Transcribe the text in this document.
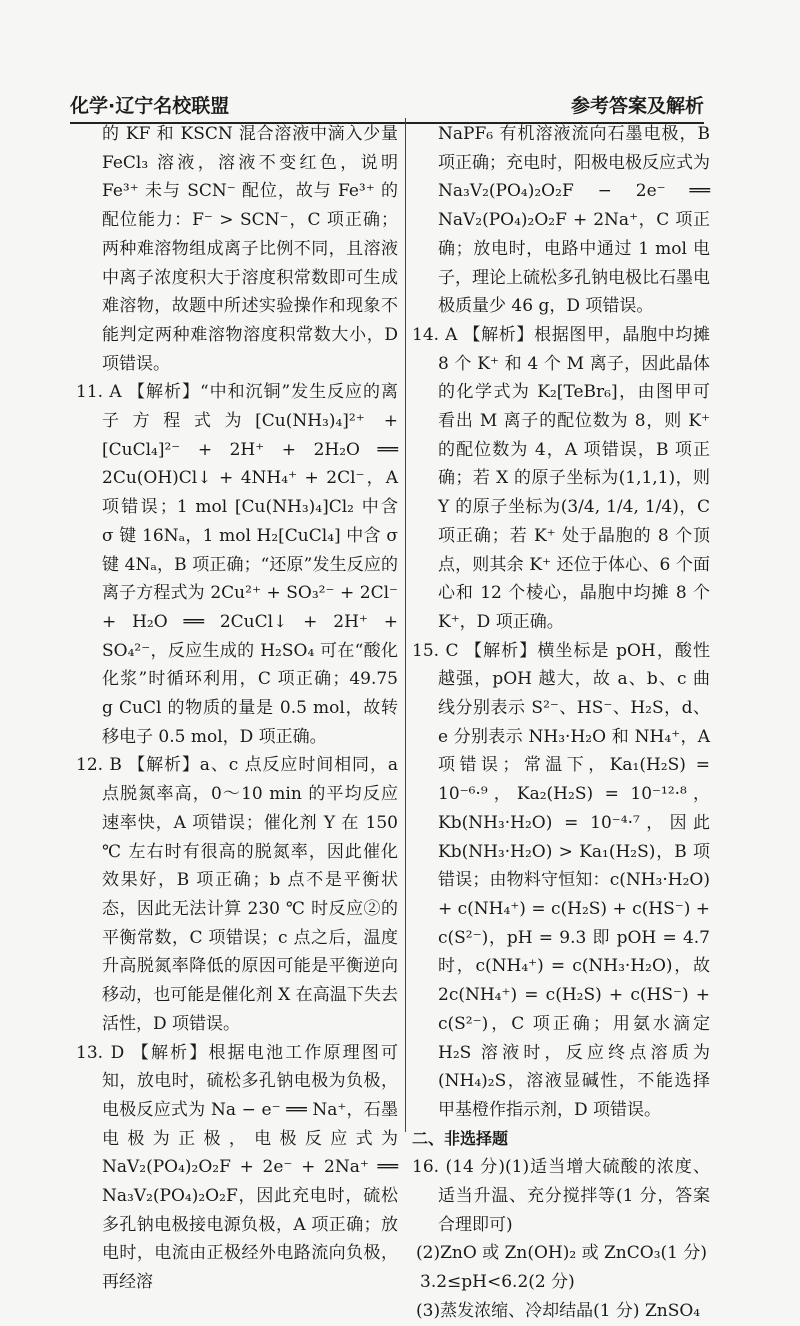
化学·辽宁名校联盟	参考答案及解析

的 KF 和 KSCN 混合溶液中滴入少量 FeCl₃ 溶液，溶液不变红色，说明 Fe³⁺ 未与 SCN⁻ 配位，故与 Fe³⁺ 的配位能力：F⁻ > SCN⁻，C 项正确；两种难溶物组成离子比例不同，且溶液中离子浓度积大于溶度积常数即可生成难溶物，故题中所述实验操作和现象不能判定两种难溶物溶度积常数大小，D 项错误。

11. A 【解析】“中和沉铜”发生反应的离子方程式为[Cu(NH₃)₄]²⁺ + [CuCl₄]²⁻ + 2H⁺ + 2H₂O ══ 2Cu(OH)Cl↓ + 4NH₄⁺ + 2Cl⁻，A 项错误；1 mol [Cu(NH₃)₄]Cl₂ 中含 σ 键 16Nₐ，1 mol H₂[CuCl₄] 中含 σ 键 4Nₐ，B 项正确；“还原”发生反应的离子方程式为 2Cu²⁺ + SO₃²⁻ + 2Cl⁻ + H₂O ══ 2CuCl↓ + 2H⁺ + SO₄²⁻，反应生成的 H₂SO₄ 可在“酸化化浆”时循环利用，C 项正确；49.75 g CuCl 的物质的量是 0.5 mol，故转移电子 0.5 mol，D 项正确。

12. B 【解析】a、c 点反应时间相同，a 点脱氮率高，0～10 min 的平均反应速率快，A 项错误；催化剂 Y 在 150 ℃ 左右时有很高的脱氮率，因此催化效果好，B 项正确；b 点不是平衡状态，因此无法计算 230 ℃ 时反应②的平衡常数，C 项错误；c 点之后，温度升高脱氮率降低的原因可能是平衡逆向移动，也可能是催化剂 X 在高温下失去活性，D 项错误。

13. D 【解析】根据电池工作原理图可知，放电时，硫松多孔钠电极为负极，电极反应式为 Na − e⁻ ══ Na⁺，石墨电极为正极，电极反应式为 NaV₂(PO₄)₂O₂F + 2e⁻ + 2Na⁺ ══ Na₃V₂(PO₄)₂O₂F，因此充电时，硫松多孔钠电极接电源负极，A 项正确；放电时，电流由正极经外电路流向负极，再经溶

NaPF₆ 有机溶液流向石墨电极，B 项正确；充电时，阳极电极反应式为 Na₃V₂(PO₄)₂O₂F − 2e⁻ ══ NaV₂(PO₄)₂O₂F + 2Na⁺，C 项正确；放电时，电路中通过 1 mol 电子，理论上硫松多孔钠电极比石墨电极质量少 46 g，D 项错误。

14. A 【解析】根据图甲，晶胞中均摊 8 个 K⁺ 和 4 个 M 离子，因此晶体的化学式为 K₂[TeBr₆]，由图甲可看出 M 离子的配位数为 8，则 K⁺ 的配位数为 4，A 项错误，B 项正确；若 X 的原子坐标为(1,1,1)，则 Y 的原子坐标为(3/4, 1/4, 1/4)，C 项正确；若 K⁺ 处于晶胞的 8 个顶点，则其余 K⁺ 还位于体心、6 个面心和 12 个棱心，晶胞中均摊 8 个 K⁺，D 项正确。

15. C 【解析】横坐标是 pOH，酸性越强，pOH 越大，故 a、b、c 曲线分别表示 S²⁻、HS⁻、H₂S，d、e 分别表示 NH₃·H₂O 和 NH₄⁺，A 项错误；常温下，Ka₁(H₂S) = 10⁻⁶·⁹，Ka₂(H₂S) = 10⁻¹²·⁸，Kb(NH₃·H₂O) = 10⁻⁴·⁷，因此 Kb(NH₃·H₂O) > Ka₁(H₂S)，B 项错误；由物料守恒知：c(NH₃·H₂O) + c(NH₄⁺) = c(H₂S) + c(HS⁻) + c(S²⁻)，pH = 9.3 即 pOH = 4.7 时，c(NH₄⁺) = c(NH₃·H₂O)，故 2c(NH₄⁺) = c(H₂S) + c(HS⁻) + c(S²⁻)，C 项正确；用氨水滴定 H₂S 溶液时，反应终点溶质为(NH₄)₂S，溶液显碱性，不能选择甲基橙作指示剂，D 项错误。

二、非选择题

16. (14 分)(1)适当增大硫酸的浓度、适当升温、充分搅拌等(1 分，答案合理即可)

(2)ZnO 或 Zn(OH)₂ 或 ZnCO₃(1 分)

3.2≤pH<6.2(2 分)

(3)蒸发浓缩、冷却结晶(1 分) ZnSO₄
